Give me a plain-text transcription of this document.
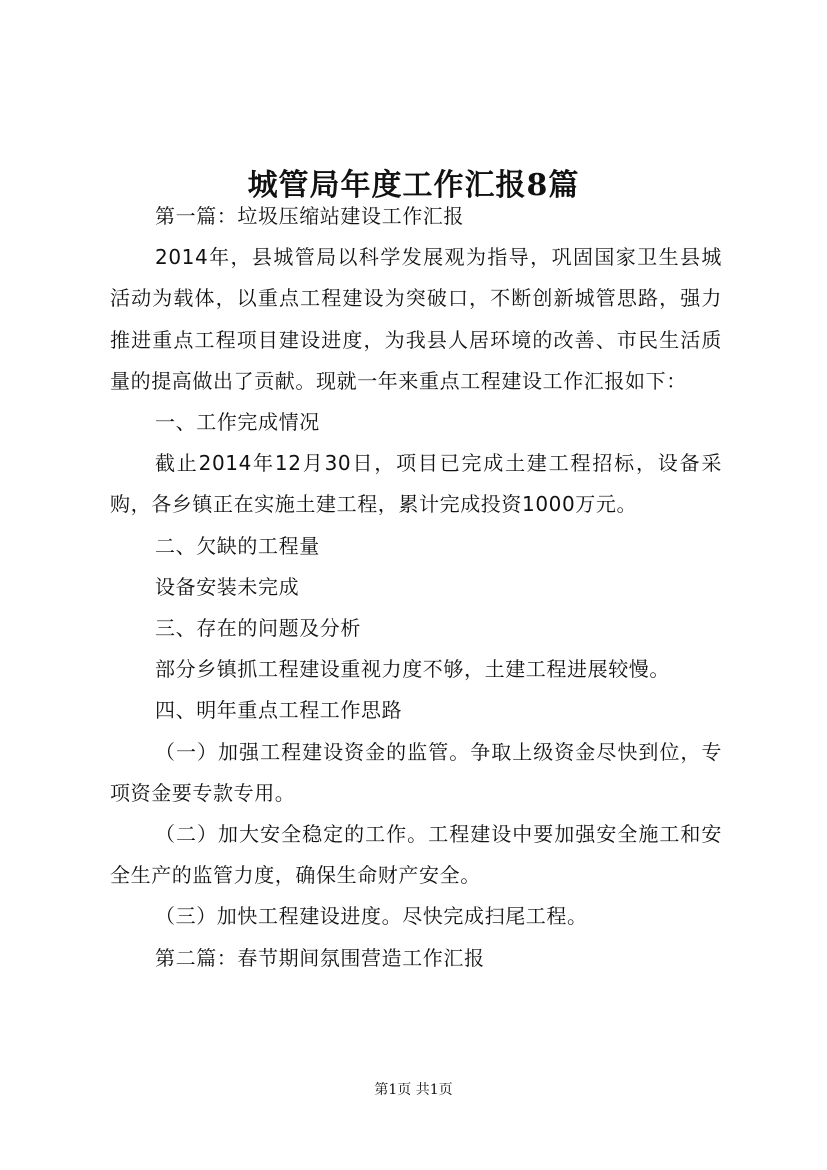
城管局年度工作汇报8篇

第一篇：垃圾压缩站建设工作汇报

2014年，县城管局以科学发展观为指导，巩固国家卫生县城活动为载体，以重点工程建设为突破口，不断创新城管思路，强力推进重点工程项目建设进度，为我县人居环境的改善、市民生活质量的提高做出了贡献。现就一年来重点工程建设工作汇报如下：

一、工作完成情况

截止2014年12月30日，项目已完成土建工程招标，设备采购，各乡镇正在实施土建工程，累计完成投资1000万元。

二、欠缺的工程量

设备安装未完成

三、存在的问题及分析

部分乡镇抓工程建设重视力度不够，土建工程进展较慢。

四、明年重点工程工作思路

（一）加强工程建设资金的监管。争取上级资金尽快到位，专项资金要专款专用。

（二）加大安全稳定的工作。工程建设中要加强安全施工和安全生产的监管力度，确保生命财产安全。

（三）加快工程建设进度。尽快完成扫尾工程。

第二篇：春节期间氛围营造工作汇报

第1页 共1页
